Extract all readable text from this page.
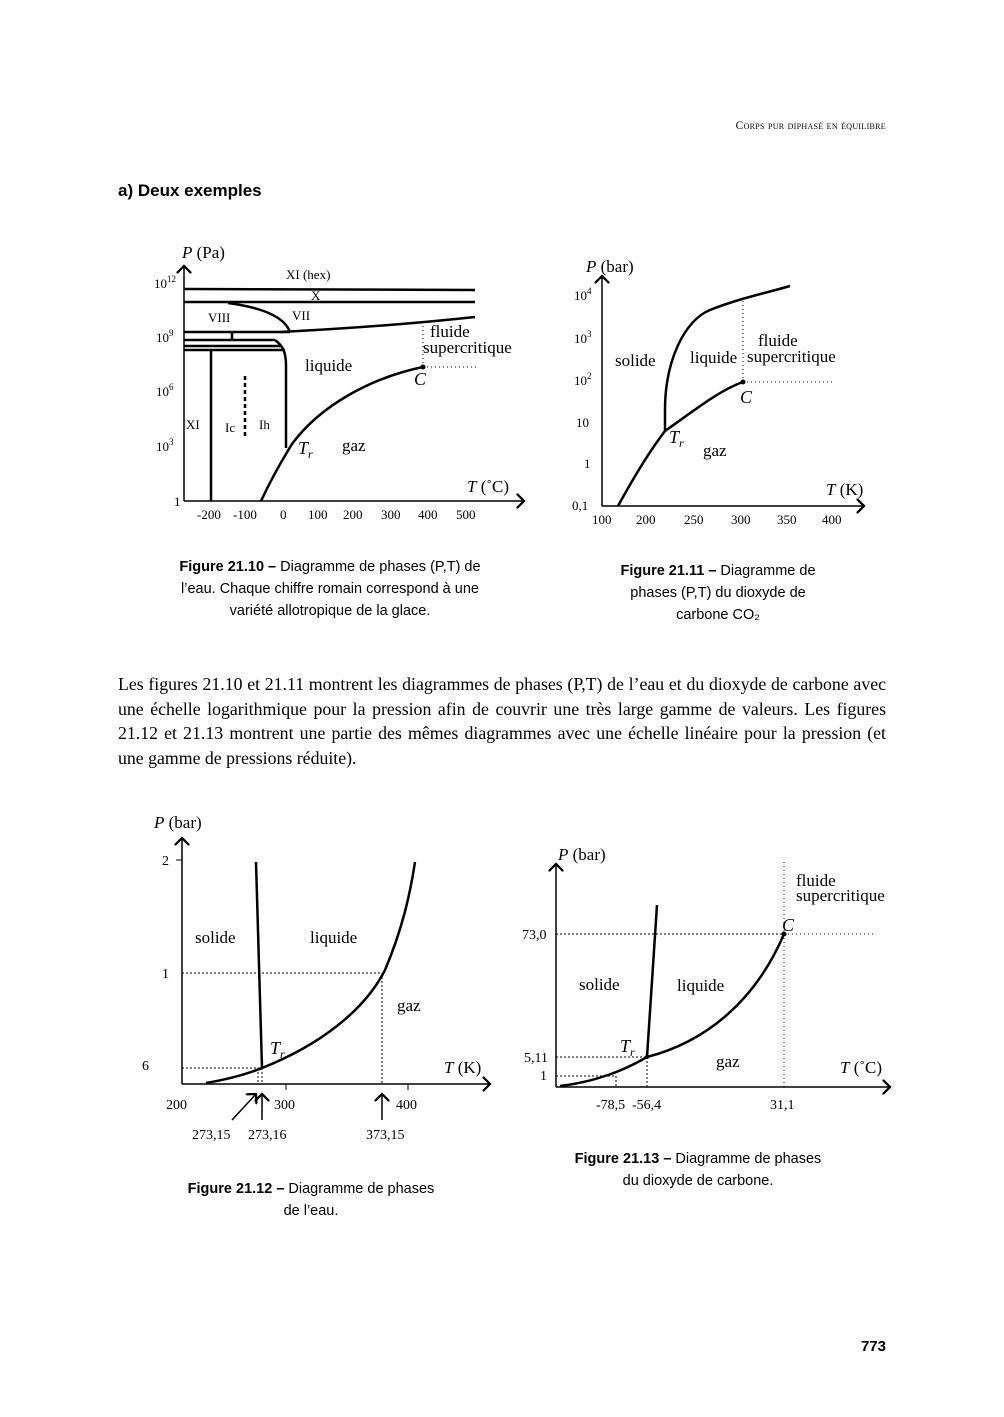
Corps pur diphasé en équilibre
a) Deux exemples
P (Pa)
T (˚C)
$10^{12}$
$10^9$
$10^6$
$10^3$
1
-200 -100 0 100 200 300 400 500
XI (hex)
X
VIII	VII
XI Ic Ih
liquide
gaz
fluide
supercritique
C
$T_r$
Figure 21.10 – Diagramme de phases (P,T) de l’eau. Chaque chiffre romain correspond à une variété allotropique de la glace.
P (bar)
T (K)
$10^4$
$10^3$
$10^2$
10
1
0,1
100 200 250 300 350 400
solide liquide
fluide
supercritique
gaz
C
$T_r$
Figure 21.11 – Diagramme de phases (P,T) du dioxyde de carbone CO₂
Les figures 21.10 et 21.11 montrent les diagrammes de phases (P,T) de l’eau et du dioxyde de carbone avec une échelle logarithmique pour la pression afin de couvrir une très large gamme de valeurs. Les figures 21.12 et 21.13 montrent une partie des mêmes diagrammes avec une échelle linéaire pour la pression (et une gamme de pressions réduite).
P (bar)
T (K)
2
1
6
200	300	400
273,15 273,16	373,15
solide	liquide
gaz
$T_r$
Figure 21.12 – Diagramme de phases de l’eau.
P (bar)
T (˚C)
73,0
5,11
1
-78,5 -56,4	31,1
fluide
supercritique
solide	liquide
gaz
C
$T_r$
Figure 21.13 – Diagramme de phases du dioxyde de carbone.
773
